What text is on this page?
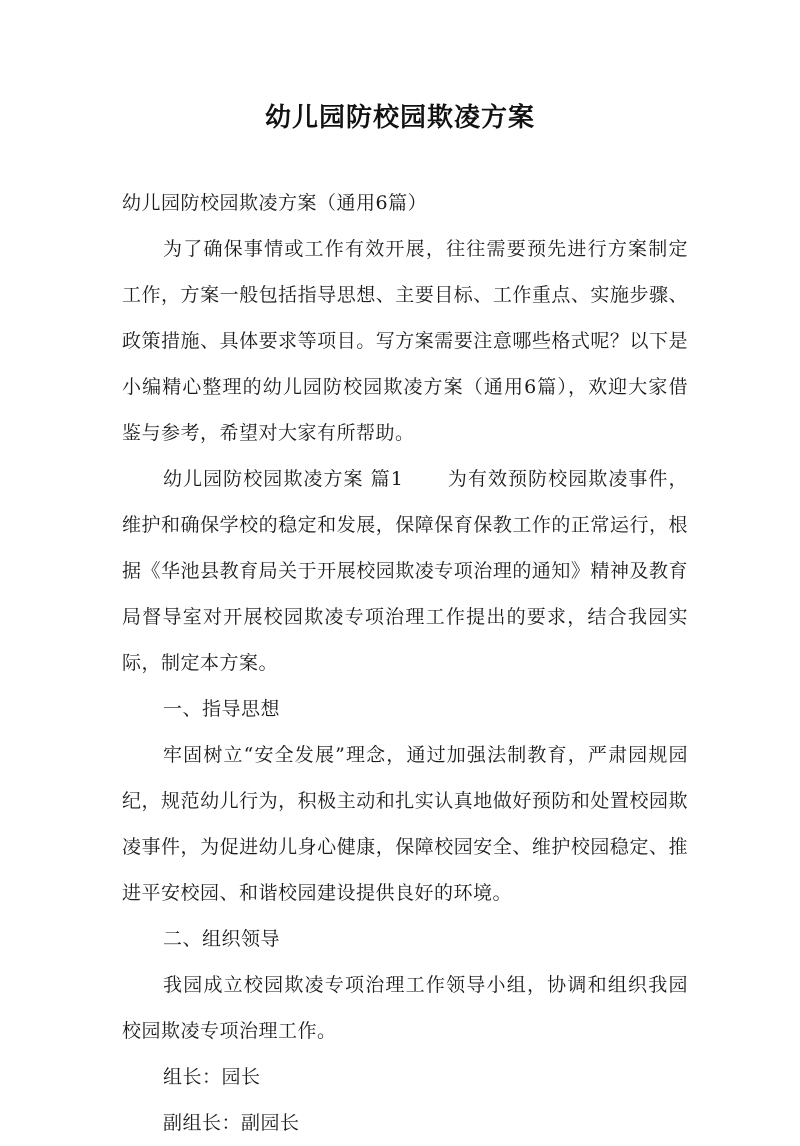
幼儿园防校园欺凌方案

幼儿园防校园欺凌方案（通用6篇）

为了确保事情或工作有效开展，往往需要预先进行方案制定工作，方案一般包括指导思想、主要目标、工作重点、实施步骤、政策措施、具体要求等项目。写方案需要注意哪些格式呢？以下是小编精心整理的幼儿园防校园欺凌方案（通用6篇），欢迎大家借鉴与参考，希望对大家有所帮助。

幼儿园防校园欺凌方案 篇1 为有效预防校园欺凌事件，维护和确保学校的稳定和发展，保障保育保教工作的正常运行，根据《华池县教育局关于开展校园欺凌专项治理的通知》精神及教育局督导室对开展校园欺凌专项治理工作提出的要求，结合我园实际，制定本方案。

一、指导思想

牢固树立“安全发展”理念，通过加强法制教育，严肃园规园纪，规范幼儿行为，积极主动和扎实认真地做好预防和处置校园欺凌事件，为促进幼儿身心健康，保障校园安全、维护校园稳定、推进平安校园、和谐校园建设提供良好的环境。

二、组织领导

我园成立校园欺凌专项治理工作领导小组，协调和组织我园校园欺凌专项治理工作。

组长：园长

副组长：副园长
